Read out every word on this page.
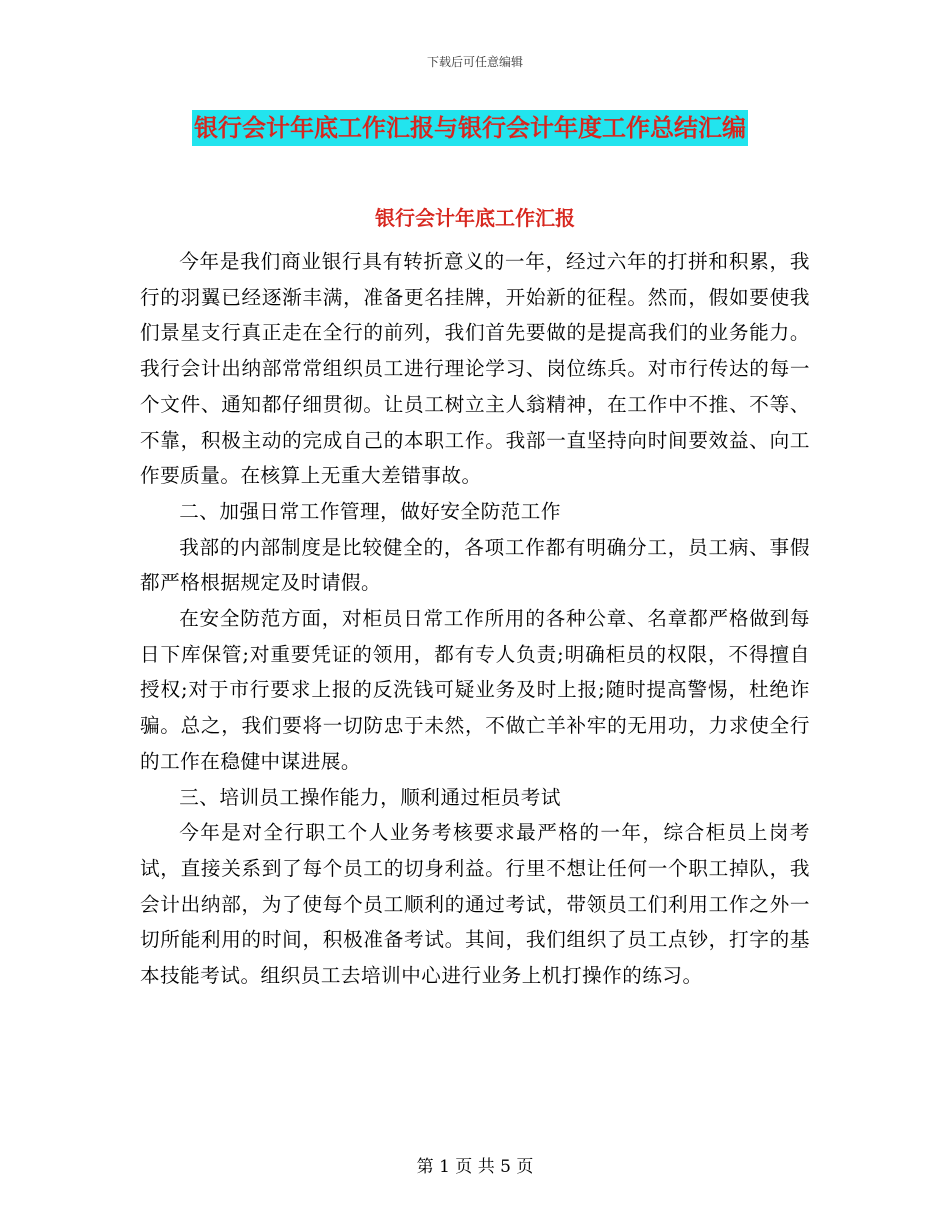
下载后可任意编辑
银行会计年底工作汇报与银行会计年度工作总结汇编
银行会计年底工作汇报

今年是我们商业银行具有转折意义的一年，经过六年的打拼和积累，我行的羽翼已经逐渐丰满，准备更名挂牌，开始新的征程。然而，假如要使我们景星支行真正走在全行的前列，我们首先要做的是提高我们的业务能力。我行会计出纳部常常组织员工进行理论学习、岗位练兵。对市行传达的每一个文件、通知都仔细贯彻。让员工树立主人翁精神，在工作中不推、不等、不靠，积极主动的完成自己的本职工作。我部一直坚持向时间要效益、向工作要质量。在核算上无重大差错事故。

二、加强日常工作管理，做好安全防范工作

我部的内部制度是比较健全的，各项工作都有明确分工，员工病、事假都严格根据规定及时请假。

在安全防范方面，对柜员日常工作所用的各种公章、名章都严格做到每日下库保管;对重要凭证的领用，都有专人负责;明确柜员的权限，不得擅自授权;对于市行要求上报的反洗钱可疑业务及时上报;随时提高警惕，杜绝诈骗。总之，我们要将一切防忠于未然，不做亡羊补牢的无用功，力求使全行的工作在稳健中谋进展。

三、培训员工操作能力，顺利通过柜员考试

今年是对全行职工个人业务考核要求最严格的一年，综合柜员上岗考试，直接关系到了每个员工的切身利益。行里不想让任何一个职工掉队，我会计出纳部，为了使每个员工顺利的通过考试，带领员工们利用工作之外一切所能利用的时间，积极准备考试。其间，我们组织了员工点钞，打字的基本技能考试。组织员工去培训中心进行业务上机打操作的练习。

第 1 页 共 5 页
